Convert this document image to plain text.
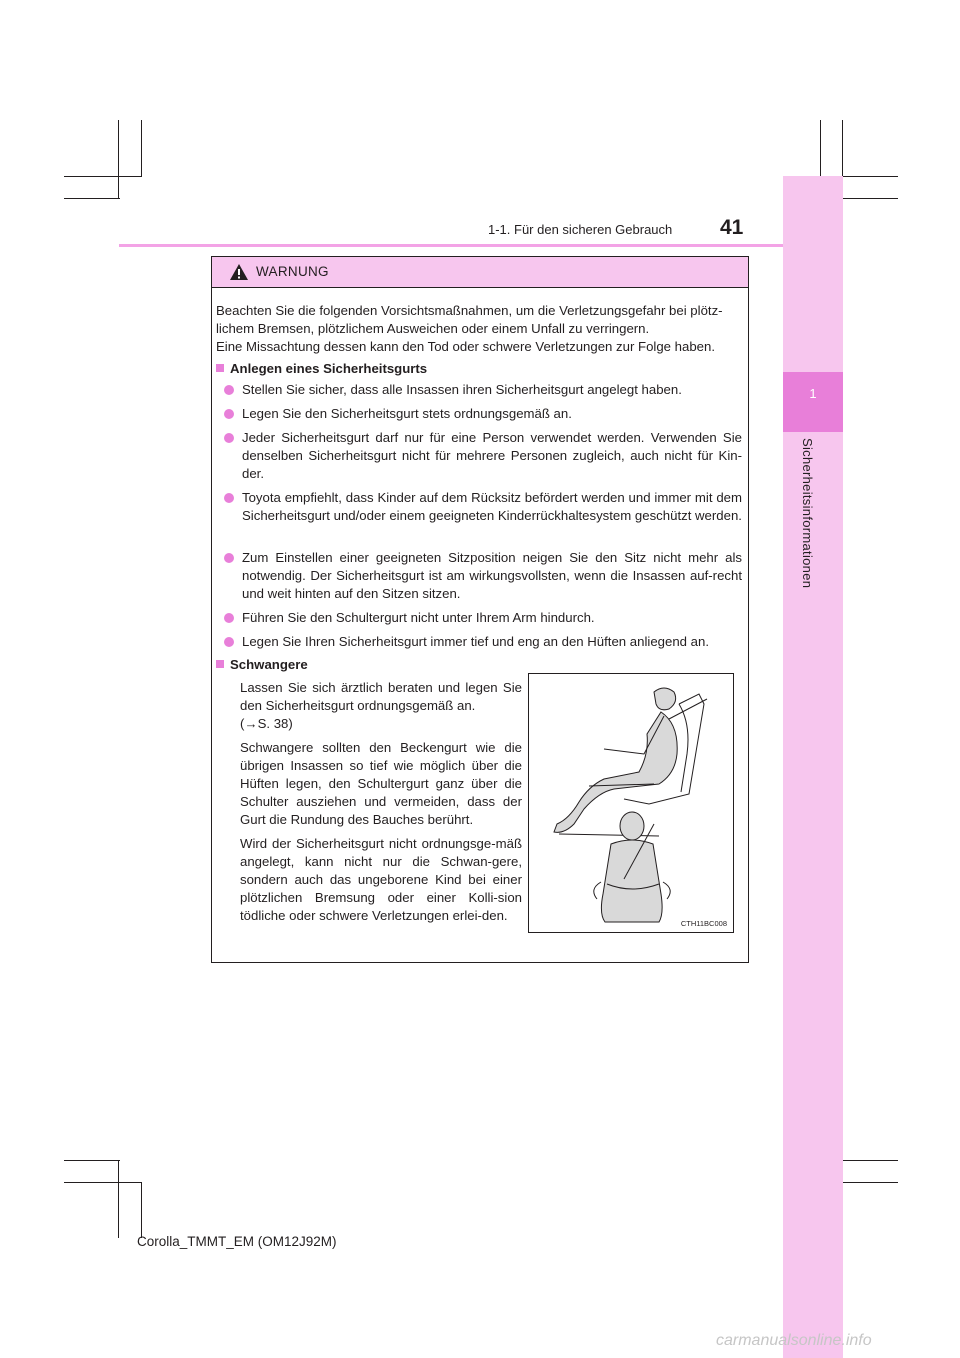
1
Sicherheitsinformationen
1-1. Für den sicheren Gebrauch 41
WARNUNG

Beachten Sie die folgenden Vorsichtsmaßnahmen, um die Verletzungsgefahr bei plötz-

lichem Bremsen, plötzlichem Ausweichen oder einem Unfall zu verringern.

Eine Missachtung dessen kann den Tod oder schwere Verletzungen zur Folge haben.

Anlegen eines Sicherheitsgurts
Stellen Sie sicher, dass alle Insassen ihren Sicherheitsgurt angelegt haben.
Legen Sie den Sicherheitsgurt stets ordnungsgemäß an.
Jeder Sicherheitsgurt darf nur für eine Person verwendet werden. Verwenden Sie denselben Sicherheitsgurt nicht für mehrere Personen zugleich, auch nicht für Kin-der.
Toyota empfiehlt, dass Kinder auf dem Rücksitz befördert werden und immer mit dem Sicherheitsgurt und/oder einem geeigneten Kinderrückhaltesystem geschützt werden.
Zum Einstellen einer geeigneten Sitzposition neigen Sie den Sitz nicht mehr als notwendig. Der Sicherheitsgurt ist am wirkungsvollsten, wenn die Insassen auf-recht und weit hinten auf den Sitzen sitzen.
Führen Sie den Schultergurt nicht unter Ihrem Arm hindurch.
Legen Sie Ihren Sicherheitsgurt immer tief und eng an den Hüften anliegend an.
Schwangere
Lassen Sie sich ärztlich beraten und legen Sie den Sicherheitsgurt ordnungsgemäß an.
(→S. 38)
Schwangere sollten den Beckengurt wie die übrigen Insassen so tief wie möglich über die Hüften legen, den Schultergurt ganz über die Schulter ausziehen und vermeiden, dass der Gurt die Rundung des Bauches berührt.
Wird der Sicherheitsgurt nicht ordnungsge-mäß angelegt, kann nicht nur die Schwan-gere, sondern auch das ungeborene Kind bei einer plötzlichen Bremsung oder einer Kolli-sion tödliche oder schwere Verletzungen erlei-den.
CTH11BC008
Corolla_TMMT_EM (OM12J92M)
carmanualsonline.info
